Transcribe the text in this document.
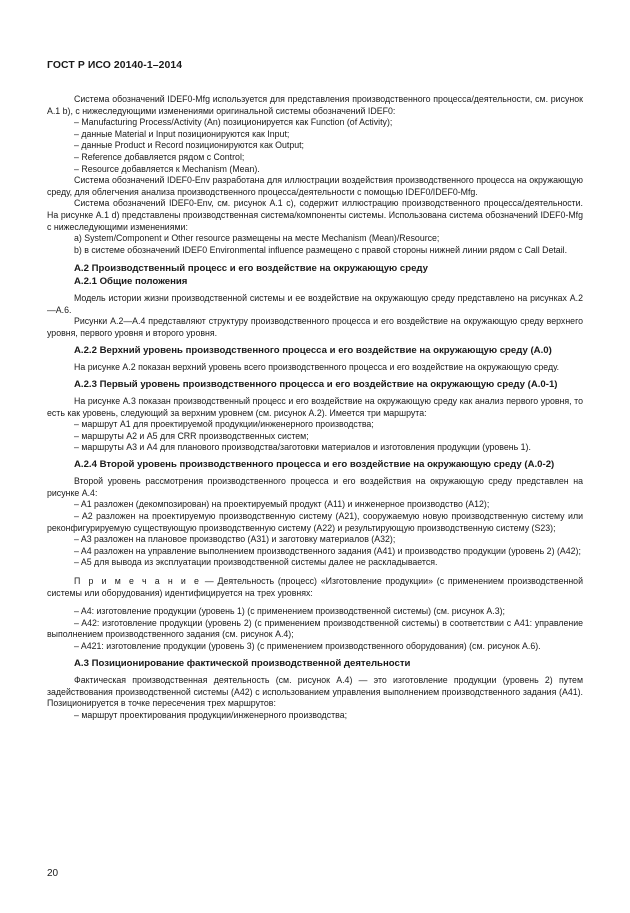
ГОСТ Р ИСО 20140-1–2014

Система обозначений IDEF0-Mfg используется для представления производственного процесса/деятельности, см. рисунок A.1 b), с нижеследующими изменениями оригинальной системы обозначений IDEF0:

– Manufacturing Process/Activity (An) позиционируется как Function (of Activity);

– данные Material и Input позиционируются как Input;

– данные Product и Record позиционируются как Output;

– Reference добавляется рядом с Control;

– Resource добавляется к Mechanism (Mean).

Система обозначений IDEF0-Env разработана для иллюстрации воздействия производственного процесса на окружающую среду, для облегчения анализа производственного процесса/деятельности с помощью IDEF0/IDEF0-Mfg.

Система обозначений IDEF0-Env, см. рисунок A.1 c), содержит иллюстрацию производственного процесса/деятельности. На рисунке A.1 d) представлены производственная система/компоненты системы. Использована система обозначений IDEF0-Mfg с нижеследующими изменениями:

a) System/Component и Other resource размещены на месте Mechanism (Mean)/Resource;

b) в системе обозначений IDEF0 Environmental influence размещено с правой стороны нижней линии рядом с Call Detail.

A.2 Производственный процесс и его воздействие на окружающую среду
A.2.1 Общие положения

Модель истории жизни производственной системы и ее воздействие на окружающую среду представлено на рисунках A.2—A.6.

Рисунки A.2—A.4 представляют структуру производственного процесса и его воздействие на окружающую среду верхнего уровня, первого уровня и второго уровня.

A.2.2 Верхний уровень производственного процесса и его воздействие на окружающую среду (A.0)

На рисунке A.2 показан верхний уровень всего производственного процесса и его воздействие на окружающую среду.

A.2.3 Первый уровень производственного процесса и его воздействие на окружающую среду (A.0-1)

На рисунке A.3 показан производственный процесс и его воздействие на окружающую среду как анализ первого уровня, то есть как уровень, следующий за верхним уровнем (см. рисунок A.2). Имеется три маршрута:

– маршрут A1 для проектируемой продукции/инженерного производства;

– маршруты A2 и A5 для CRR производственных систем;

– маршруты A3 и A4 для планового производства/заготовки материалов и изготовления продукции (уровень 1).

A.2.4 Второй уровень производственного процесса и его воздействие на окружающую среду (A.0-2)

Второй уровень рассмотрения производственного процесса и его воздействия на окружающую среду представлен на рисунке A.4:

– A1 разложен (декомпозирован) на проектируемый продукт (A11) и инженерное производство (A12);

– A2 разложен на проектируемую производственную систему (A21), сооружаемую новую производственную систему или реконфигурируемую существующую производственную систему (A22) и результирующую производственную систему (S23);

– A3 разложен на плановое производство (A31) и заготовку материалов (A32);

– A4 разложен на управление выполнением производственного задания (A41) и производство продукции (уровень 2) (A42);

– A5 для вывода из эксплуатации производственной системы далее не раскладывается.

П р и м е ч а н и е — Деятельность (процесс) «Изготовление продукции» (с применением производственной системы или оборудования) идентифицируется на трех уровнях:

– A4: изготовление продукции (уровень 1) (с применением производственной системы) (см. рисунок A.3);

– A42: изготовление продукции (уровень 2) (с применением производственной системы) в соответствии с A41: управление выполнением производственного задания (см. рисунок A.4);

– A421: изготовление продукции (уровень 3) (с применением производственного оборудования) (см. рисунок A.6).

A.3 Позиционирование фактической производственной деятельности

Фактическая производственная деятельность (см. рисунок A.4) — это изготовление продукции (уровень 2) путем задействования производственной системы (A42) с использованием управления выполнением производственного задания (A41). Позиционируется в точке пересечения трех маршрутов:

– маршрут проектирования продукции/инженерного производства;

20
